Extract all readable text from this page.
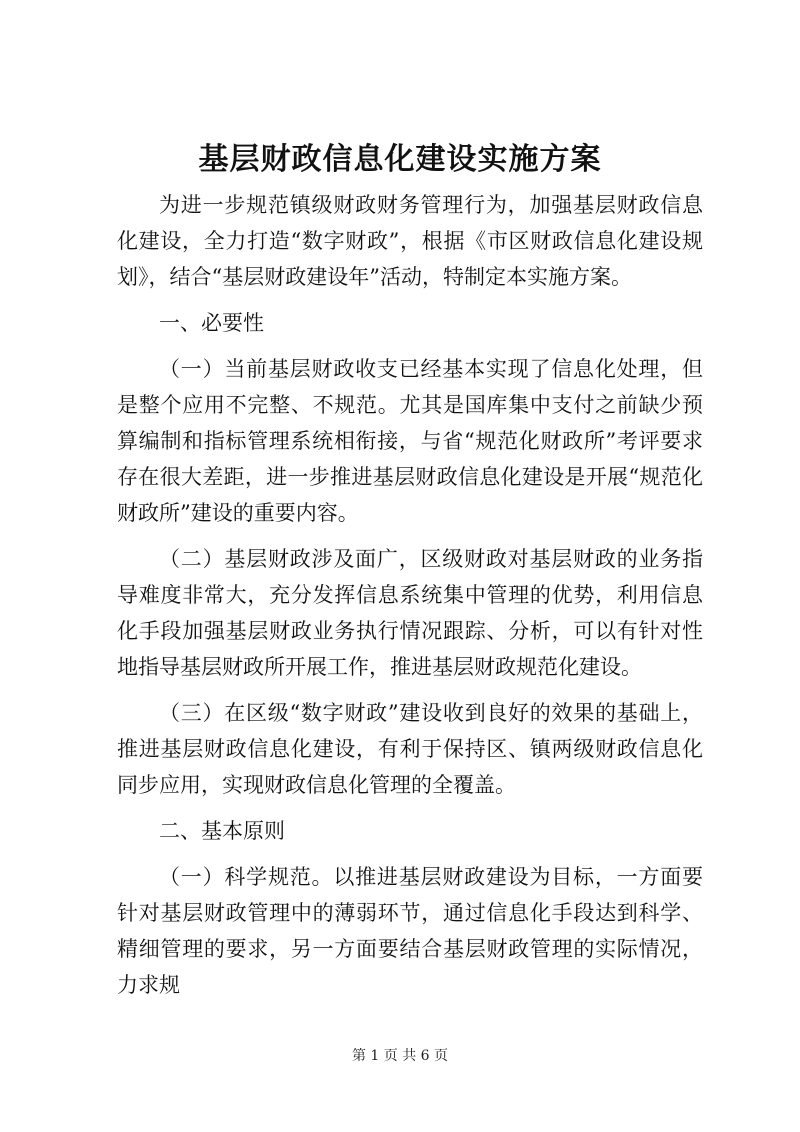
基层财政信息化建设实施方案

为进一步规范镇级财政财务管理行为，加强基层财政信息化建设，全力打造“数字财政”，根据《市区财政信息化建设规划》，结合“基层财政建设年”活动，特制定本实施方案。

一、必要性

（一）当前基层财政收支已经基本实现了信息化处理，但是整个应用不完整、不规范。尤其是国库集中支付之前缺少预算编制和指标管理系统相衔接，与省“规范化财政所”考评要求存在很大差距，进一步推进基层财政信息化建设是开展“规范化财政所”建设的重要内容。

（二）基层财政涉及面广，区级财政对基层财政的业务指导难度非常大，充分发挥信息系统集中管理的优势，利用信息化手段加强基层财政业务执行情况跟踪、分析，可以有针对性地指导基层财政所开展工作，推进基层财政规范化建设。

（三）在区级“数字财政”建设收到良好的效果的基础上，推进基层财政信息化建设，有利于保持区、镇两级财政信息化同步应用，实现财政信息化管理的全覆盖。

二、基本原则

（一）科学规范。以推进基层财政建设为目标，一方面要针对基层财政管理中的薄弱环节，通过信息化手段达到科学、精细管理的要求，另一方面要结合基层财政管理的实际情况，力求规

第 1 页 共 6 页
